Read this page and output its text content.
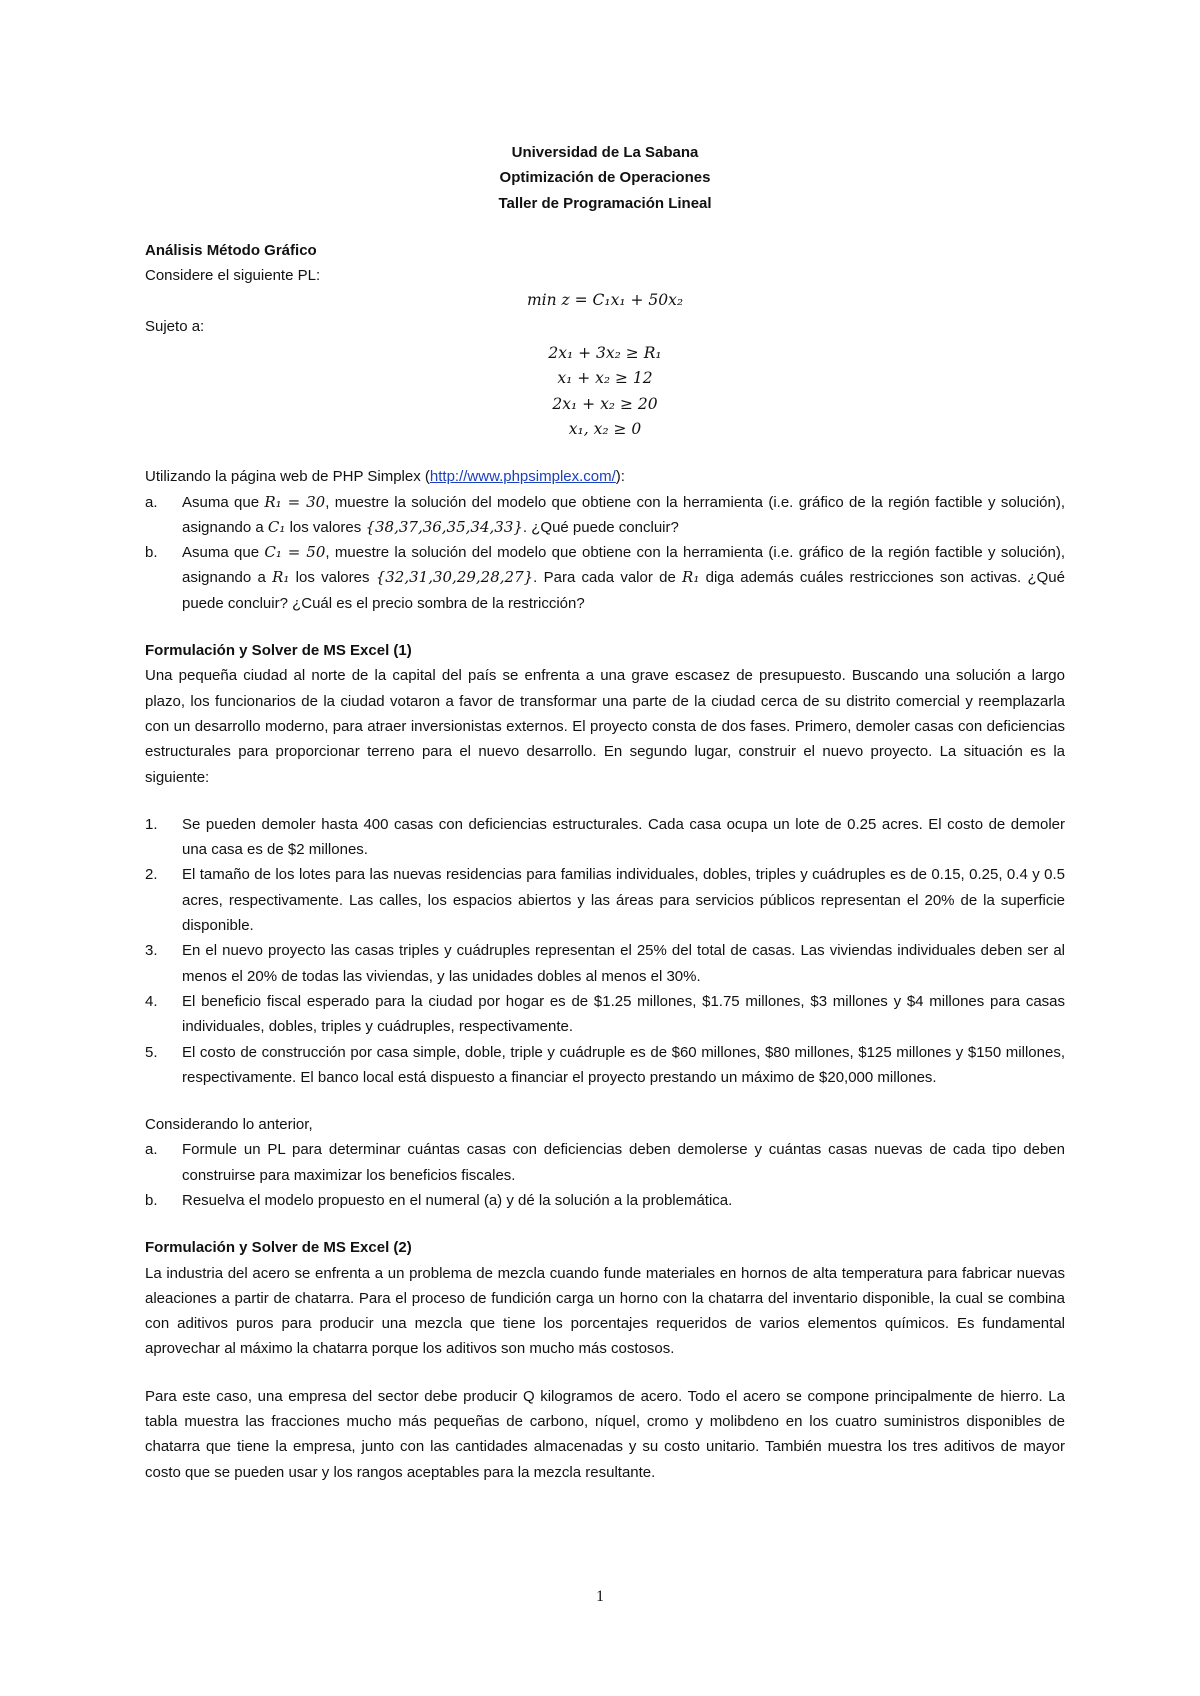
Universidad de La Sabana
Optimización de Operaciones
Taller de Programación Lineal
Análisis Método Gráfico
Considere el siguiente PL:
min z = C₁x₁ + 50x₂
Sujeto a:
2x₁ + 3x₂ ≥ R₁
x₁ + x₂ ≥ 12
2x₁ + x₂ ≥ 20
x₁, x₂ ≥ 0
Utilizando la página web de PHP Simplex (http://www.phpsimplex.com/):
a. Asuma que R₁ = 30, muestre la solución del modelo que obtiene con la herramienta (i.e. gráfico de la región factible y solución), asignando a C₁ los valores {38,37,36,35,34,33}. ¿Qué puede concluir?
b. Asuma que C₁ = 50, muestre la solución del modelo que obtiene con la herramienta (i.e. gráfico de la región factible y solución), asignando a R₁ los valores {32,31,30,29,28,27}. Para cada valor de R₁ diga además cuáles restricciones son activas. ¿Qué puede concluir? ¿Cuál es el precio sombra de la restricción?
Formulación y Solver de MS Excel (1)
Una pequeña ciudad al norte de la capital del país se enfrenta a una grave escasez de presupuesto. Buscando una solución a largo plazo, los funcionarios de la ciudad votaron a favor de transformar una parte de la ciudad cerca de su distrito comercial y reemplazarla con un desarrollo moderno, para atraer inversionistas externos. El proyecto consta de dos fases. Primero, demoler casas con deficiencias estructurales para proporcionar terreno para el nuevo desarrollo. En segundo lugar, construir el nuevo proyecto. La situación es la siguiente:
1. Se pueden demoler hasta 400 casas con deficiencias estructurales. Cada casa ocupa un lote de 0.25 acres. El costo de demoler una casa es de $2 millones.
2. El tamaño de los lotes para las nuevas residencias para familias individuales, dobles, triples y cuádruples es de 0.15, 0.25, 0.4 y 0.5 acres, respectivamente. Las calles, los espacios abiertos y las áreas para servicios públicos representan el 20% de la superficie disponible.
3. En el nuevo proyecto las casas triples y cuádruples representan el 25% del total de casas. Las viviendas individuales deben ser al menos el 20% de todas las viviendas, y las unidades dobles al menos el 30%.
4. El beneficio fiscal esperado para la ciudad por hogar es de $1.25 millones, $1.75 millones, $3 millones y $4 millones para casas individuales, dobles, triples y cuádruples, respectivamente.
5. El costo de construcción por casa simple, doble, triple y cuádruple es de $60 millones, $80 millones, $125 millones y $150 millones, respectivamente. El banco local está dispuesto a financiar el proyecto prestando un máximo de $20,000 millones.
Considerando lo anterior,
a. Formule un PL para determinar cuántas casas con deficiencias deben demolerse y cuántas casas nuevas de cada tipo deben construirse para maximizar los beneficios fiscales.
b. Resuelva el modelo propuesto en el numeral (a) y dé la solución a la problemática.
Formulación y Solver de MS Excel (2)
La industria del acero se enfrenta a un problema de mezcla cuando funde materiales en hornos de alta temperatura para fabricar nuevas aleaciones a partir de chatarra. Para el proceso de fundición carga un horno con la chatarra del inventario disponible, la cual se combina con aditivos puros para producir una mezcla que tiene los porcentajes requeridos de varios elementos químicos. Es fundamental aprovechar al máximo la chatarra porque los aditivos son mucho más costosos.
Para este caso, una empresa del sector debe producir Q kilogramos de acero. Todo el acero se compone principalmente de hierro. La tabla muestra las fracciones mucho más pequeñas de carbono, níquel, cromo y molibdeno en los cuatro suministros disponibles de chatarra que tiene la empresa, junto con las cantidades almacenadas y su costo unitario. También muestra los tres aditivos de mayor costo que se pueden usar y los rangos aceptables para la mezcla resultante.
1
